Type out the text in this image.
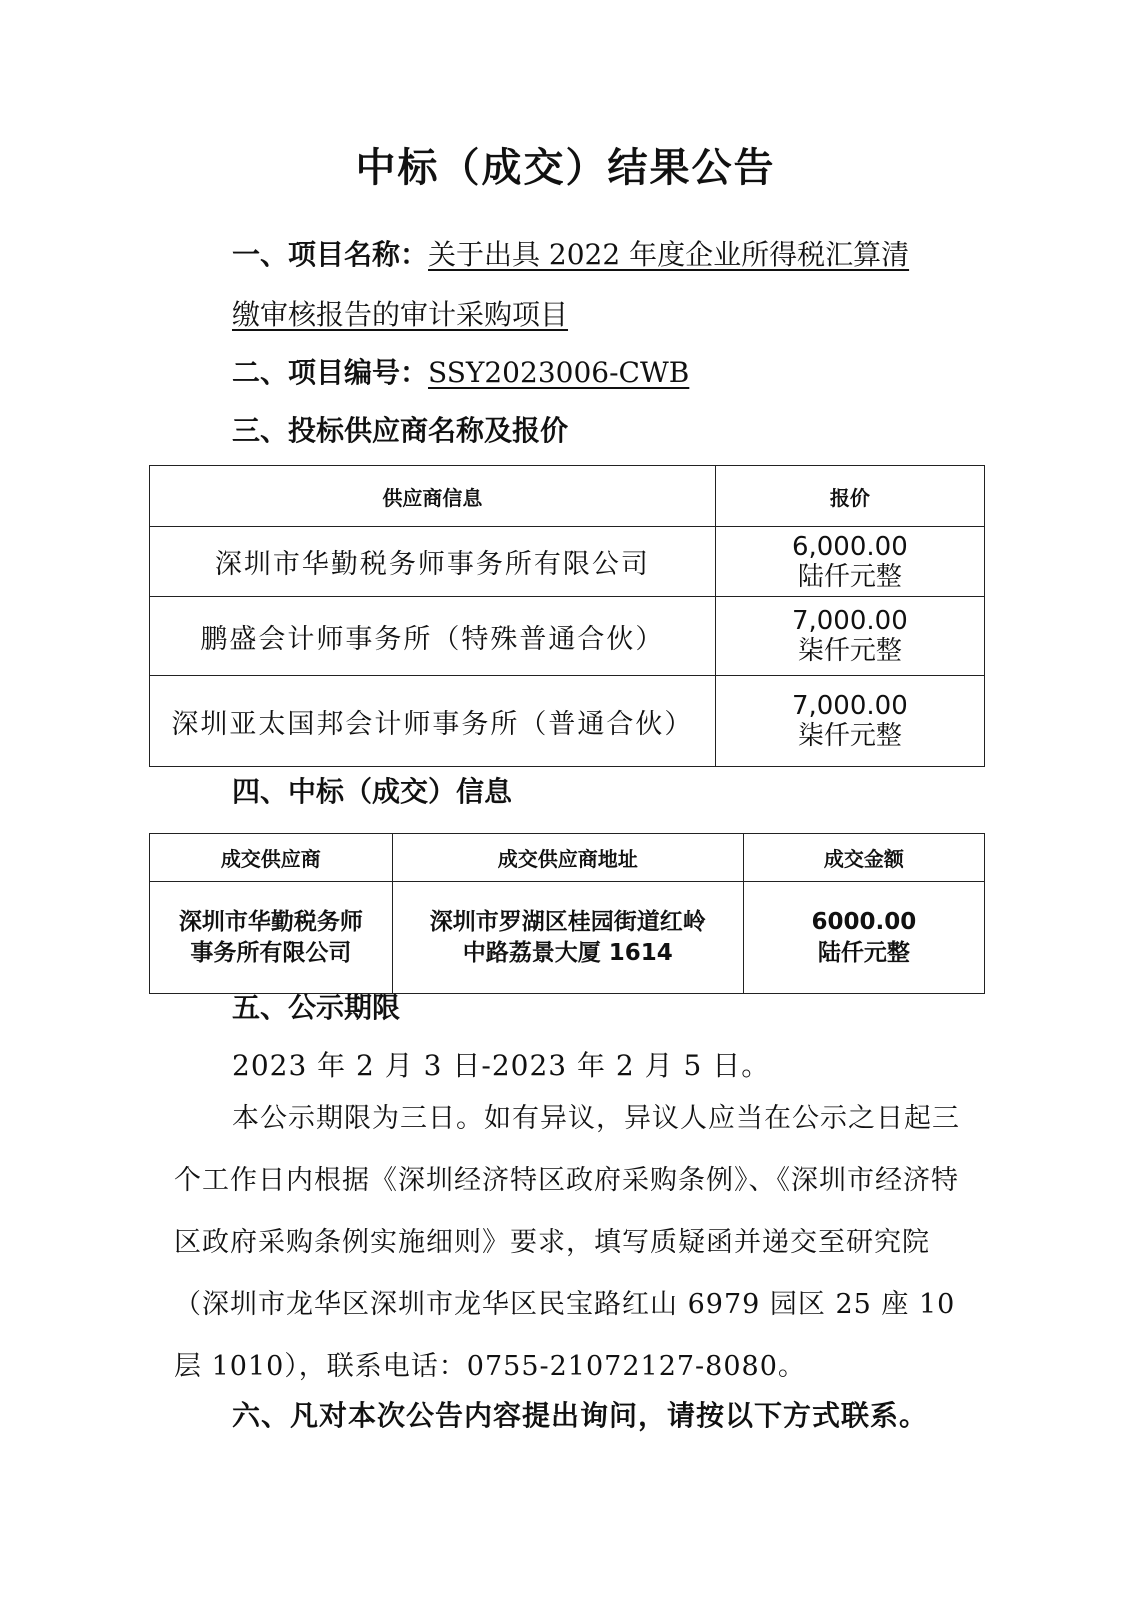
中标（成交）结果公告
一、项目名称：关于出具 2022 年度企业所得税汇算清
缴审核报告的审计采购项目
二、项目编号：SSY2023006-CWB
三、投标供应商名称及报价
供应商信息	报价
深圳市华勤税务师事务所有限公司	6,000.00
陆仟元整

鹏盛会计师事务所（特殊普通合伙）	7,000.00
柒仟元整

深圳亚太国邦会计师事务所（普通合伙）	7,000.00
柒仟元整
四、中标（成交）信息
成交供应商	成交供应商地址	成交金额

深圳市华勤税务师
事务所有限公司	深圳市罗湖区桂园街道红岭
中路荔景大厦 1614	6000.00
陆仟元整
五、公示期限
2023 年 2 月 3 日-2023 年 2 月 5 日。
本公示期限为三日。如有异议，异议人应当在公示之日起三个工作日内根据《深圳经济特区政府采购条例》、《深圳市经济特区政府采购条例实施细则》要求，填写质疑函并递交至研究院（深圳市龙华区深圳市龙华区民宝路红山 6979 园区 25 座 10 层 1010），联系电话：0755-21072127-8080。
六、凡对本次公告内容提出询问，请按以下方式联系。
